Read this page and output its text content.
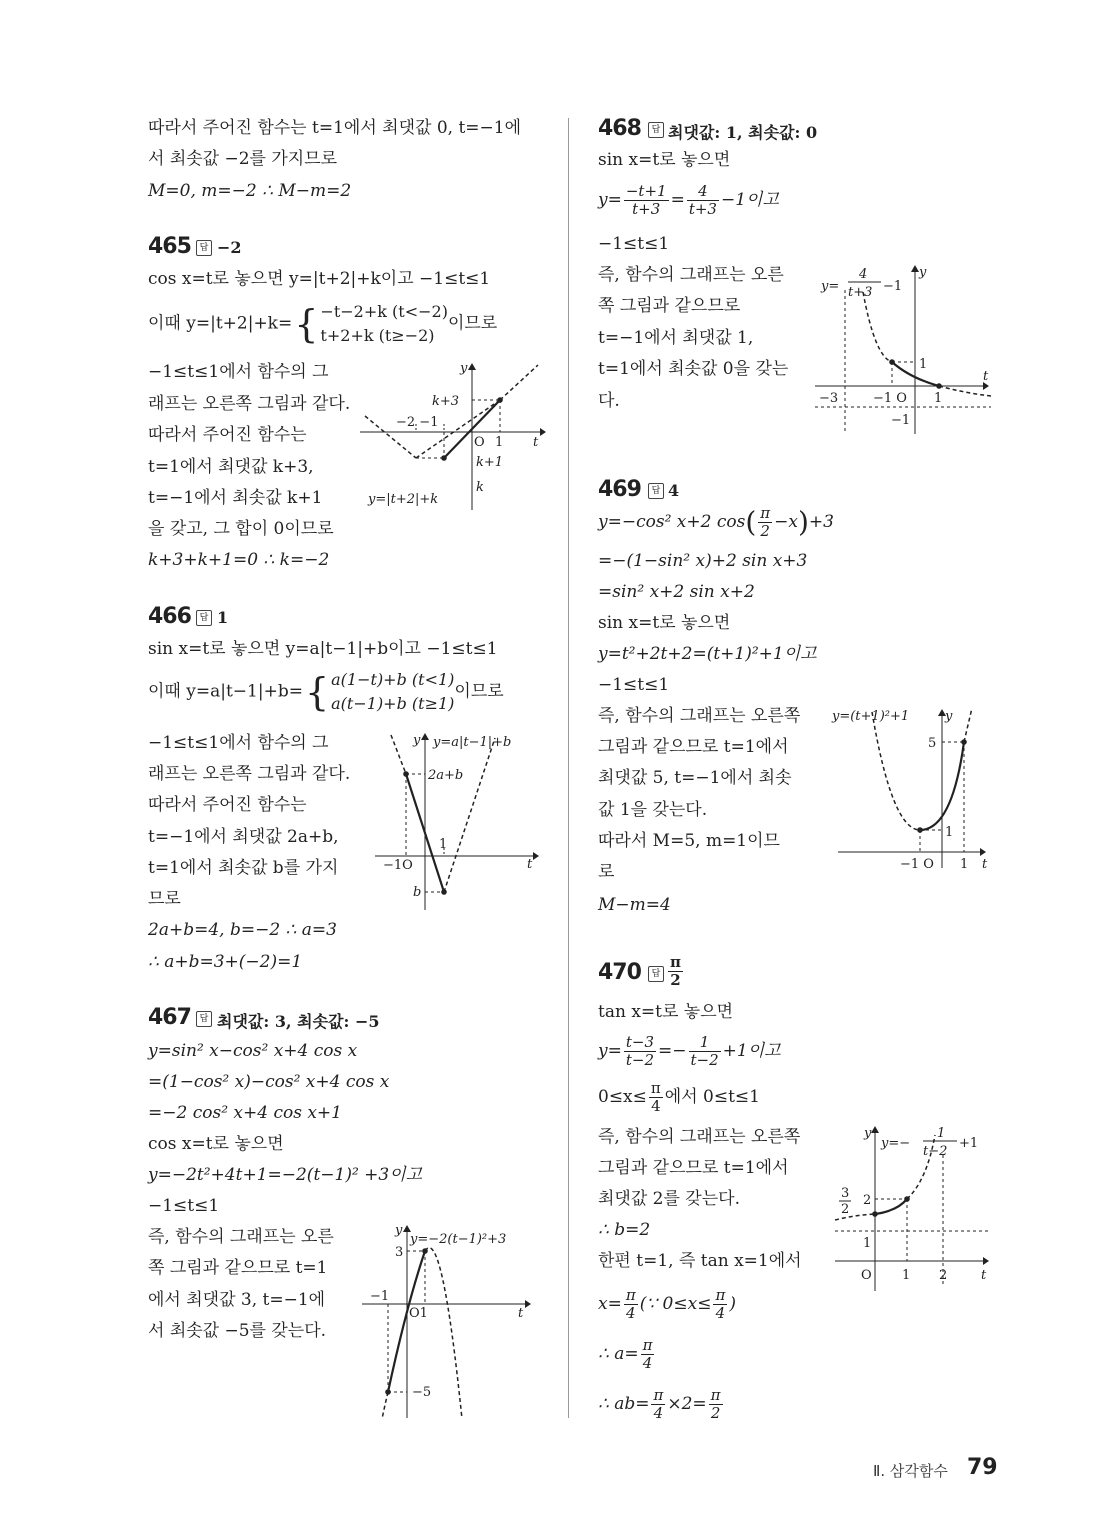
따라서 주어진 함수는 t=1에서 최댓값 0, t=−1에
서 최솟값 −2를 가지므로
M=0, m=−2 ∴ M−m=2
465 답 −2
cos x=t로 놓으면 y=|t+2|+k이고 −1≤t≤1
이때 y=|t+2|+k={ −t−2+k (t<−2)
t+2+k (t≥−2)
이므로
−1≤t≤1에서 함수의 그
래프는 오른쪽 그림과 같다.
따라서 주어진 함수는
t=1에서 최댓값 k+3,
t=−1에서 최솟값 k+1
을 갖고, 그 합이 0이므로
k+3+k+1=0 ∴ k=−2
y
t
O 1
−2 −1
k+3
k+1
k
y=|t+2|+k
466 답 1
sin x=t로 놓으면 y=a|t−1|+b이고 −1≤t≤1
이때 y=a|t−1|+b={ a(1−t)+b (t<1)
a(t−1)+b (t≥1)
이므로
−1≤t≤1에서 함수의 그
래프는 오른쪽 그림과 같다.
따라서 주어진 함수는
t=−1에서 최댓값 2a+b,
t=1에서 최솟값 b를 가지
므로
2a+b=4, b=−2 ∴ a=3
∴ a+b=3+(−2)=1
y y=a|t−1|+b
2a+b
1
−1O	t
b
467 답 최댓값: 3, 최솟값: −5
y=sin² x−cos² x+4 cos x
=(1−cos² x)−cos² x+4 cos x
=−2 cos² x+4 cos x+1
cos x=t로 놓으면
y=−2t²+4t+1=−2(t−1)² +3이고
−1≤t≤1
즉, 함수의 그래프는 오른
쪽 그림과 같으므로 t=1
에서 최댓값 3, t=−1에
서 최솟값 −5를 갖는다.
y
y=−2(t−1)²+3
3
−1
O1	t
−5
468	답 최댓값: 1, 최솟값: 0
sin x=t로 놓으면
$y= \frac{-t+1}{t+3} = \frac{4}{t+3} -1$이고
−1≤t≤1
즉, 함수의 그래프는 오른
쪽 그림과 같으므로
t=−1에서 최댓값 1,
t=1에서 최솟값 0을 갖는
다.
y=
4
t+3 −1
y
1
t
−3	−1 O 1
−1
469	답 4
y=−cos² x+2 $\cos( \frac{\pi}{2} -x)+3$
=−(1−sin² x)+2 sin x+3
=sin² x+2 sin x+2
sin x=t로 놓으면
y=t²+2t+2=(t+1)²+1이고
−1≤t≤1
즉, 함수의 그래프는 오른쪽
그림과 같으므로 t=1에서
최댓값 5, t=−1에서 최솟
값 1을 갖는다.
따라서 M=5, m=1이므
로
M−m=4
y=(t+1)²+1	y
5
1
−1 O 1 t
470	답 $\frac{\pi}{2}$
tan x=t로 놓으면
$y= \frac{t-3}{t-2} =- \frac{1}{t-2} +1$이고
$0\le x\le \frac{\pi}{4}$ 에서 0≤t≤1
즉, 함수의 그래프는 오른쪽
그림과 같으므로 t=1에서
최댓값 2를 갖는다.
∴ b=2
한편 t=1, 즉 tan x=1에서
$x= \frac{\pi}{4}$ (∵ $0\le x\le \frac{\pi}{4}$ )
∴ $a= \frac{\pi}{4}$
∴ $ab= \frac{\pi}{4} \times 2= \frac{\pi}{2}$
y
y=−
1
t−2
+1
3
2
2
1
O 1 2	t
Ⅱ. 삼각함수 79
